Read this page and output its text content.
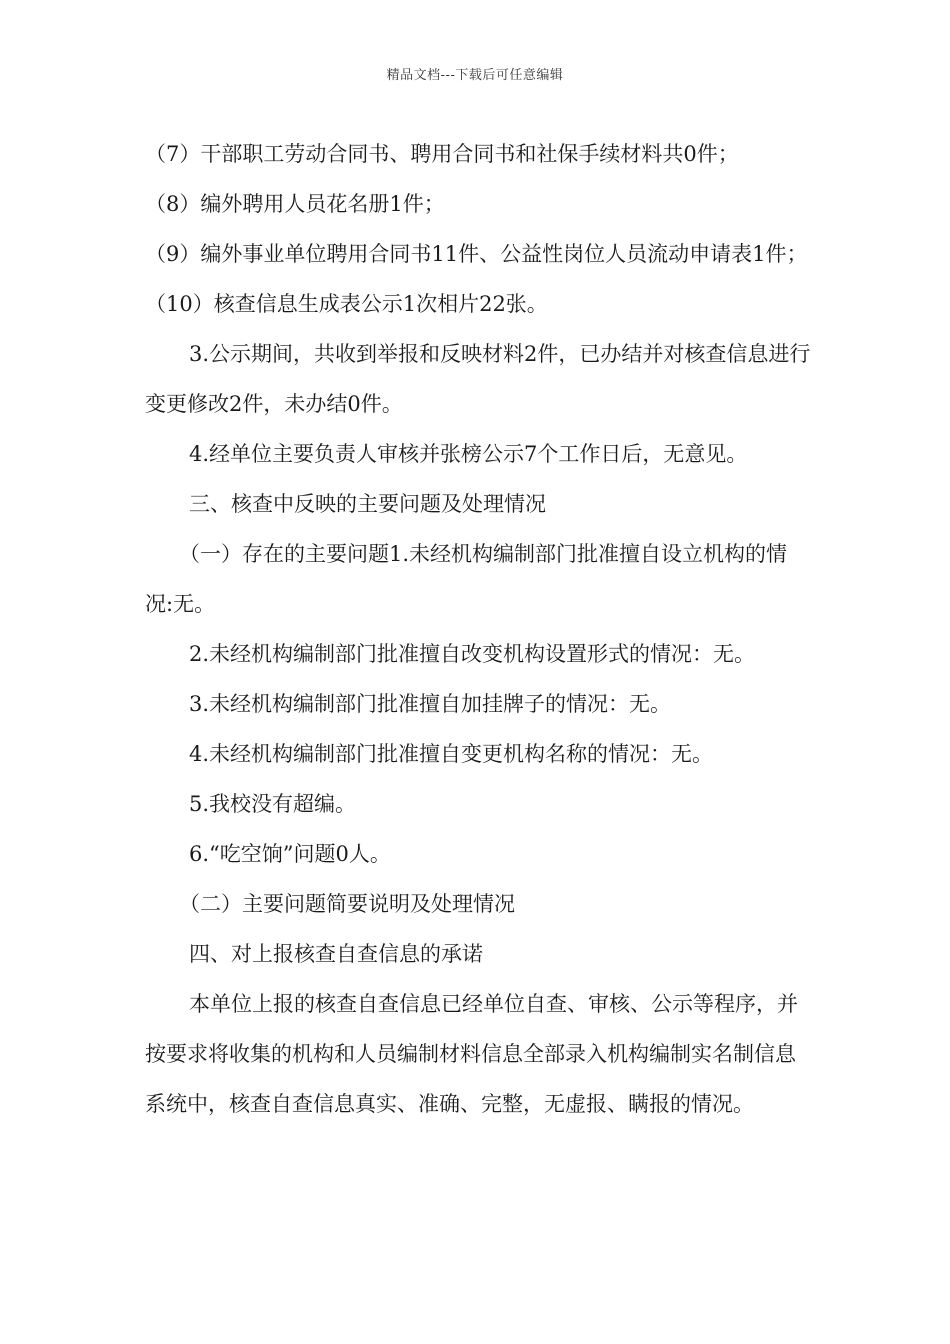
精品文档---下载后可任意编辑

（7）干部职工劳动合同书、聘用合同书和社保手续材料共0件；

（8）编外聘用人员花名册1件；

（9）编外事业单位聘用合同书11件、公益性岗位人员流动申请表1件；

（10）核查信息生成表公示1次相片22张。

3.公示期间，共收到举报和反映材料2件，已办结并对核查信息进行变更修改2件，未办结0件。

4.经单位主要负责人审核并张榜公示7个工作日后，无意见。

三、核查中反映的主要问题及处理情况

（一）存在的主要问题1.未经机构编制部门批准擅自设立机构的情况:无。

2.未经机构编制部门批准擅自改变机构设置形式的情况：无。

3.未经机构编制部门批准擅自加挂牌子的情况：无。

4.未经机构编制部门批准擅自变更机构名称的情况：无。

5.我校没有超编。

6.“吃空饷”问题0人。

（二）主要问题简要说明及处理情况

四、对上报核查自查信息的承诺

本单位上报的核查自查信息已经单位自查、审核、公示等程序，并按要求将收集的机构和人员编制材料信息全部录入机构编制实名制信息系统中，核查自查信息真实、准确、完整，无虚报、瞒报的情况。
